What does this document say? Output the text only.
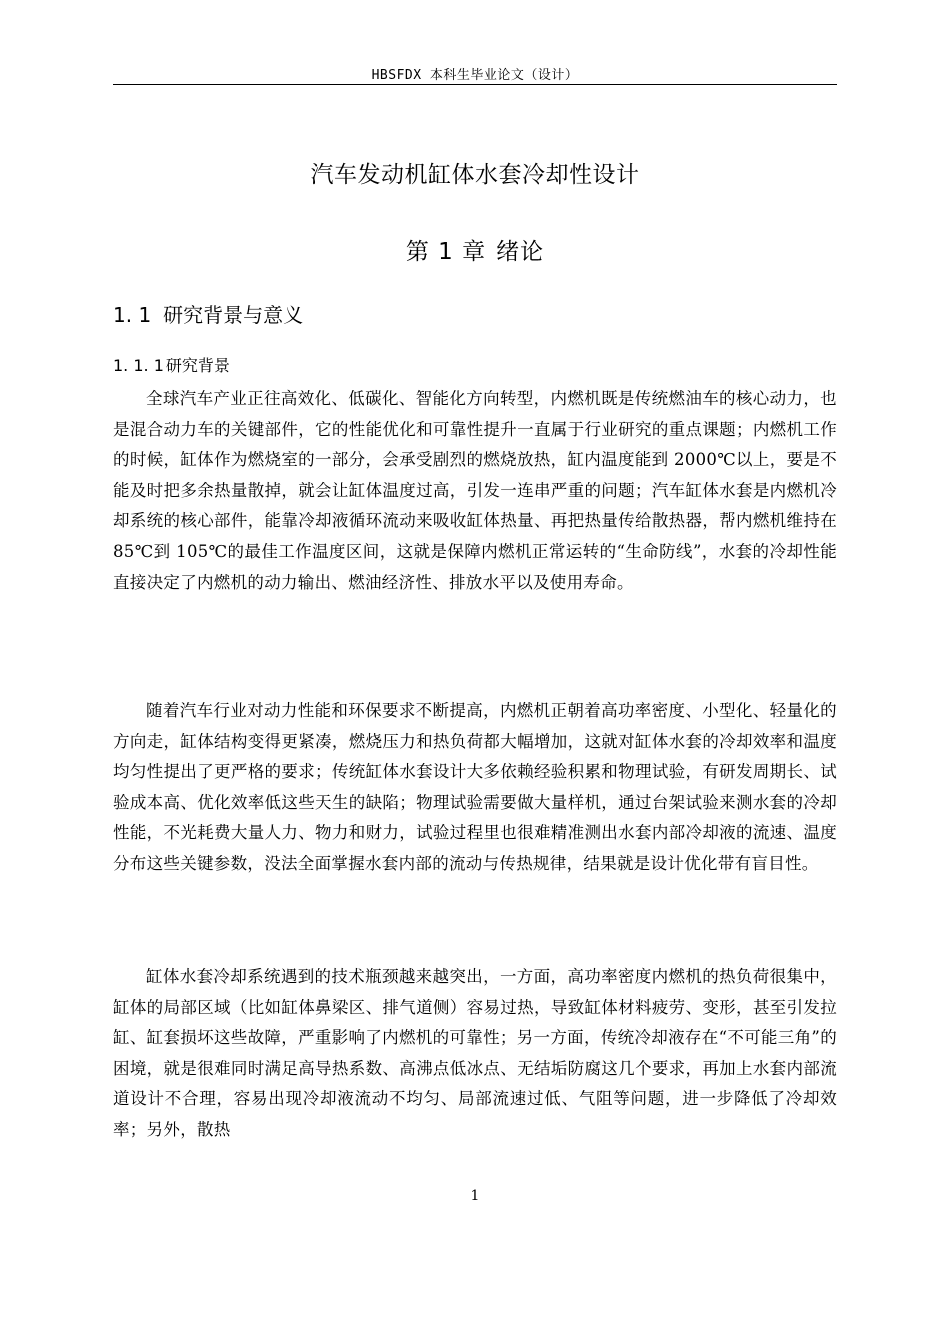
HBSFDX 本科生毕业论文（设计）
汽车发动机缸体水套冷却性设计
第 1 章 绪论
1. 1 研究背景与意义
1. 1. 1 研究背景

全球汽车产业正往高效化、低碳化、智能化方向转型，内燃机既是传统燃油车的核心动力，也是混合动力车的关键部件，它的性能优化和可靠性提升一直属于行业研究的重点课题；内燃机工作的时候，缸体作为燃烧室的一部分，会承受剧烈的燃烧放热，缸内温度能到 2000℃以上，要是不能及时把多余热量散掉，就会让缸体温度过高，引发一连串严重的问题；汽车缸体水套是内燃机冷却系统的核心部件，能靠冷却液循环流动来吸收缸体热量、再把热量传给散热器，帮内燃机维持在 85℃到 105℃的最佳工作温度区间，这就是保障内燃机正常运转的“生命防线”，水套的冷却性能直接决定了内燃机的动力输出、燃油经济性、排放水平以及使用寿命。

随着汽车行业对动力性能和环保要求不断提高，内燃机正朝着高功率密度、小型化、轻量化的方向走，缸体结构变得更紧凑，燃烧压力和热负荷都大幅增加，这就对缸体水套的冷却效率和温度均匀性提出了更严格的要求；传统缸体水套设计大多依赖经验积累和物理试验，有研发周期长、试验成本高、优化效率低这些天生的缺陷；物理试验需要做大量样机，通过台架试验来测水套的冷却性能，不光耗费大量人力、物力和财力，试验过程里也很难精准测出水套内部冷却液的流速、温度分布这些关键参数，没法全面掌握水套内部的流动与传热规律，结果就是设计优化带有盲目性。

缸体水套冷却系统遇到的技术瓶颈越来越突出，一方面，高功率密度内燃机的热负荷很集中，缸体的局部区域（比如缸体鼻梁区、排气道侧）容易过热，导致缸体材料疲劳、变形，甚至引发拉缸、缸套损坏这些故障，严重影响了内燃机的可靠性；另一方面，传统冷却液存在“不可能三角”的困境，就是很难同时满足高导热系数、高沸点低冰点、无结垢防腐这几个要求，再加上水套内部流道设计不合理，容易出现冷却液流动不均匀、局部流速过低、气阻等问题，进一步降低了冷却效率；另外，散热

1
